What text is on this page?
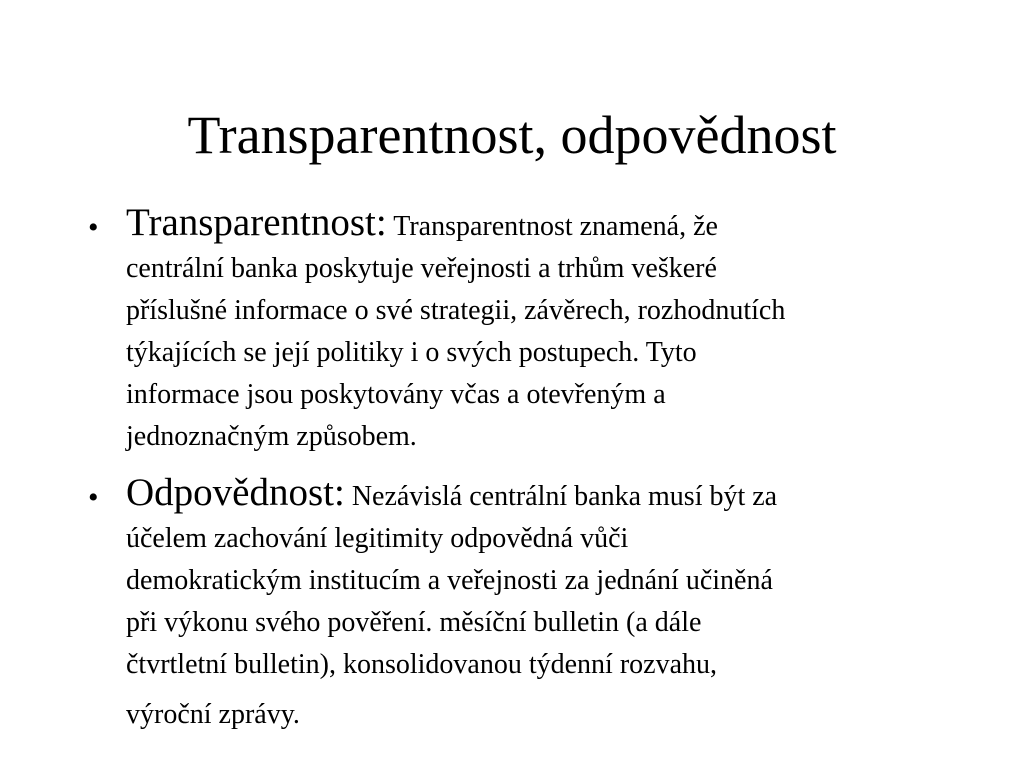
Transparentnost, odpovědnost
• Transparentnost: Transparentnost znamená, že
centrální banka poskytuje veřejnosti a trhům veškeré
příslušné informace o své strategii, závěrech, rozhodnutích
týkajících se její politiky i o svých postupech. Tyto
informace jsou poskytovány včas a otevřeným a
jednoznačným způsobem.
• Odpovědnost: Nezávislá centrální banka musí být za
účelem zachování legitimity odpovědná vůči
demokratickým institucím a veřejnosti za jednání učiněná
při výkonu svého pověření. měsíční bulletin (a dále
čtvrtletní bulletin), konsolidovanou týdenní rozvahu,
výroční zprávy.
